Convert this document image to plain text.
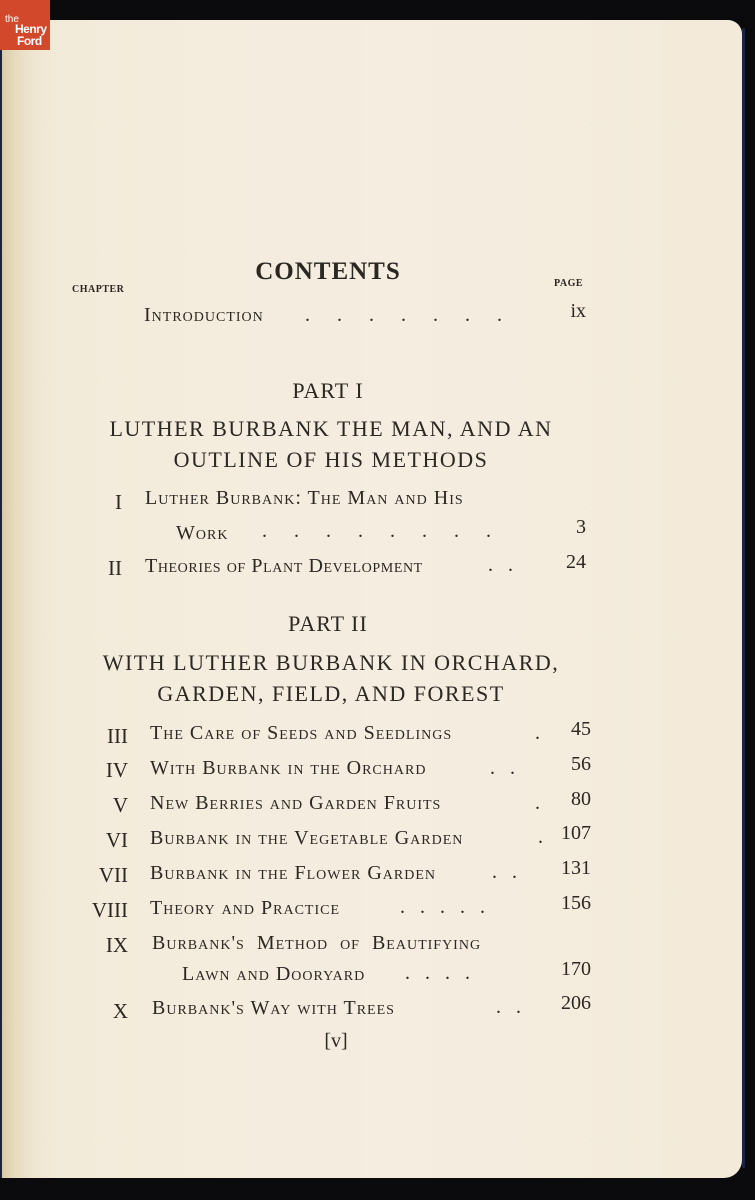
CONTENTS
CHAPTER
PAGE
Introduction . . . . . . .	ix
PART I
LUTHER BURBANK THE MAN, AND AN
OUTLINE OF HIS METHODS
I Luther Burbank: The Man and His
Work . . . . . . . .	3
II Theories of Plant Development	.   .	24
PART II
WITH LUTHER BURBANK IN ORCHARD,
GARDEN, FIELD, AND FOREST
III The Care of Seeds and Seedlings	.	45
IV With Burbank in the Orchard	.   .	56
V New Berries and Garden Fruits	.	80
VI Burbank in the Vegetable Garden	. 107
VII Burbank in the Flower Garden	.   .	131
VIII Theory and Practice	.   .   .   .   .	156
IX Burbank's Method of Beautifying
Lawn and Dooryard .   .   .   .	170
X Burbank's Way with Trees	.   .	206
[v]
the
Henry
Ford
